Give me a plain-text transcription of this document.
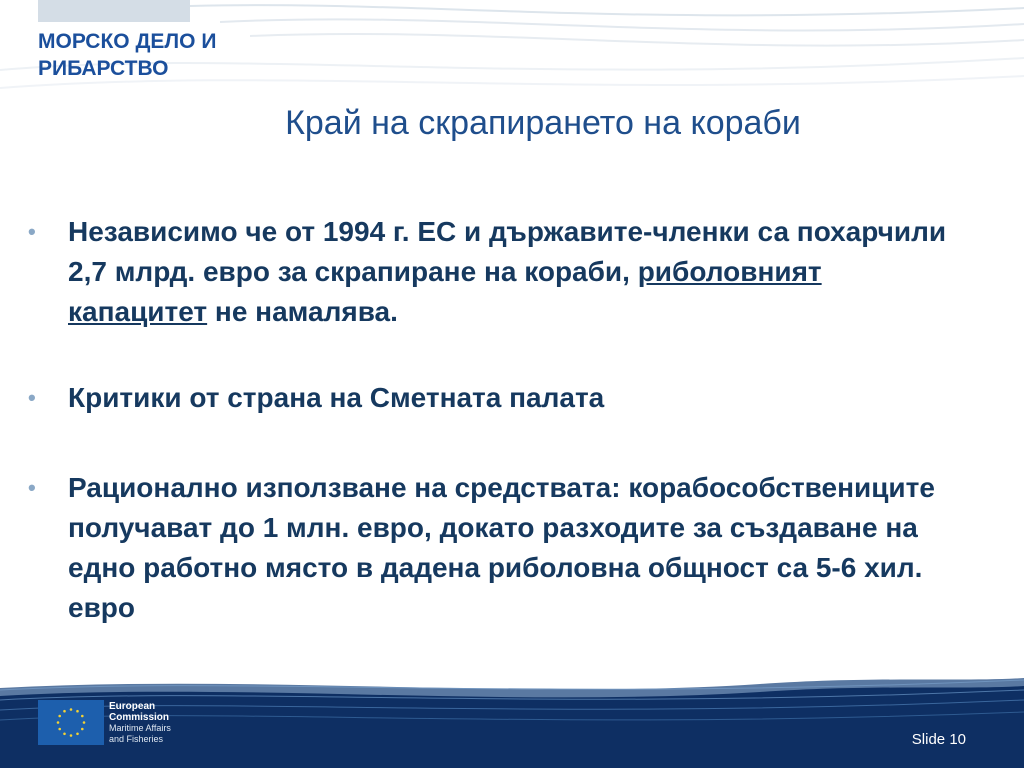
МОРСКО ДЕЛО И
РИБАРСТВО
Край на скрапирането на кораби
• Независимо че от 1994 г. ЕС и държавите-членки са похарчили 2,7 млрд. евро за скрапиране на кораби, риболовният капацитет не намалява.
• Критики от страна на Сметната палата
• Рационално използване на средствата: корабособствениците получават до 1 млн. евро, докато разходите за създаване на едно работно място в дадена риболовна общност са 5-6 хил. евро
European
Commission
Maritime Affairs
and Fisheries	Slide 10
